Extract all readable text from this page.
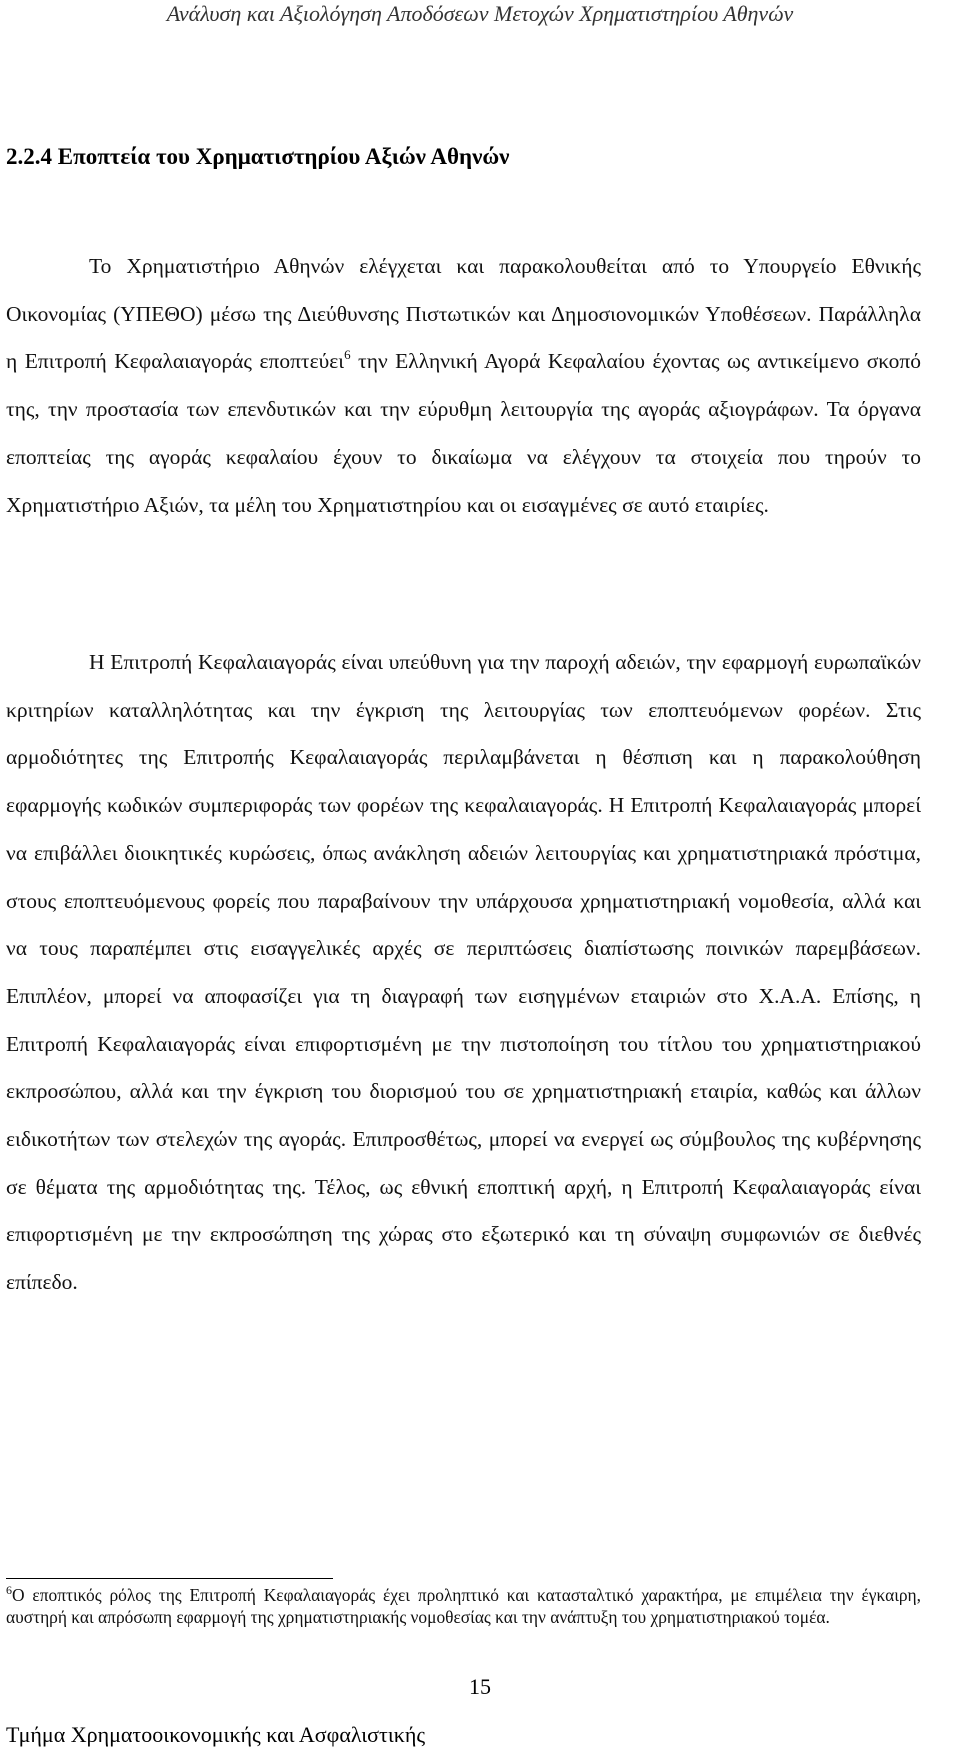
Ανάλυση και Αξιολόγηση Αποδόσεων Μετοχών Χρηματιστηρίου Αθηνών
2.2.4 Εποπτεία του Χρηματιστηρίου Αξιών Αθηνών

Το Χρηματιστήριο Αθηνών ελέγχεται και παρακολουθείται από το Υπουργείο Εθνικής Οικονομίας (ΥΠΕΘΟ) μέσω της Διεύθυνσης Πιστωτικών και Δημοσιονομικών Υποθέσεων. Παράλληλα η Επιτροπή Κεφαλαιαγοράς εποπτεύει$^6$ την Ελληνική Αγορά Κεφαλαίου έχοντας ως αντικείμενο σκοπό της, την προστασία των επενδυτικών και την εύρυθμη λειτουργία της αγοράς αξιογράφων. Τα όργανα εποπτείας της αγοράς κεφαλαίου έχουν το δικαίωμα να ελέγχουν τα στοιχεία που τηρούν το Χρηματιστήριο Αξιών, τα μέλη του Χρηματιστηρίου και οι εισαγμένες σε αυτό εταιρίες.

Η Επιτροπή Κεφαλαιαγοράς είναι υπεύθυνη για την παροχή αδειών, την εφαρμογή ευρωπαϊκών κριτηρίων καταλληλότητας και την έγκριση της λειτουργίας των εποπτευόμενων φορέων. Στις αρμοδιότητες της Επιτροπής Κεφαλαιαγοράς περιλαμβάνεται η θέσπιση και η παρακολούθηση εφαρμογής κωδικών συμπεριφοράς των φορέων της κεφαλαιαγοράς. Η Επιτροπή Κεφαλαιαγοράς μπορεί να επιβάλλει διοικητικές κυρώσεις, όπως ανάκληση αδειών λειτουργίας και χρηματιστηριακά πρόστιμα, στους εποπτευόμενους φορείς που παραβαίνουν την υπάρχουσα χρηματιστηριακή νομοθεσία, αλλά και να τους παραπέμπει στις εισαγγελικές αρχές σε περιπτώσεις διαπίστωσης ποινικών παρεμβάσεων. Επιπλέον, μπορεί να αποφασίζει για τη διαγραφή των εισηγμένων εταιριών στο Χ.Α.Α. Επίσης, η Επιτροπή Κεφαλαιαγοράς είναι επιφορτισμένη με την πιστοποίηση του τίτλου του χρηματιστηριακού εκπροσώπου, αλλά και την έγκριση του διορισμού του σε χρηματιστηριακή εταιρία, καθώς και άλλων ειδικοτήτων των στελεχών της αγοράς. Επιπροσθέτως, μπορεί να ενεργεί ως σύμβουλος της κυβέρνησης σε θέματα της αρμοδιότητας της. Τέλος, ως εθνική εποπτική αρχή, η Επιτροπή Κεφαλαιαγοράς είναι επιφορτισμένη με την εκπροσώπηση της χώρας στο εξωτερικό και τη σύναψη συμφωνιών σε διεθνές επίπεδο.

$^6$Ο εποπτικός ρόλος της Επιτροπή Κεφαλαιαγοράς έχει προληπτικό και κατασταλτικό χαρακτήρα, με επιμέλεια την έγκαιρη, αυστηρή και απρόσωπη εφαρμογή της χρηματιστηριακής νομοθεσίας και την ανάπτυξη του χρηματιστηριακού τομέα.
15
Τμήμα Χρηματοοικονομικής και Ασφαλιστικής
